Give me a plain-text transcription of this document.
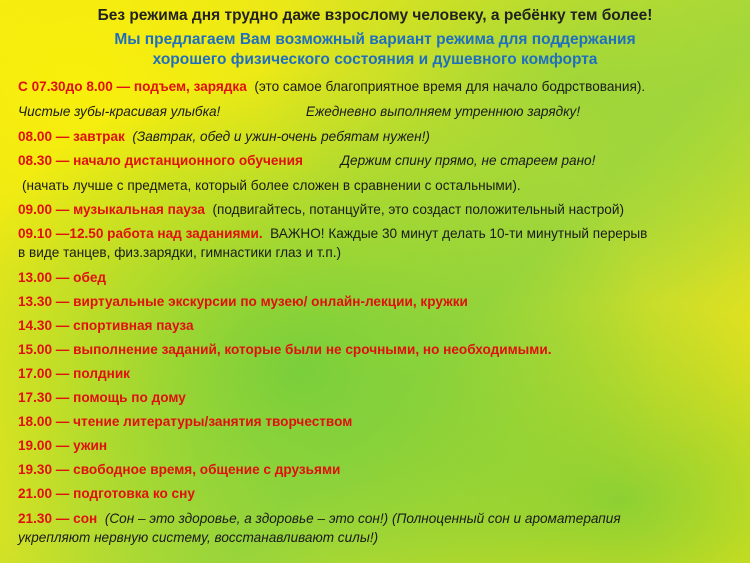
Без режима дня трудно даже взрослому человеку, а ребёнку тем более!

Мы предлагаем Вам возможный вариант режима для поддержания

хорошего физического состояния и душевного комфорта

С 07.30до 8.00 — подъем, зарядка (это самое благоприятное время для начало бодрствования).
Чистые зубы-красивая улыбка!	Ежедневно выполняем утреннюю зарядку!
08.00 — завтрак (Завтрак, обед и ужин-очень ребятам нужен!)
08.30 — начало дистанционного обучения	Держим спину прямо, не стареем рано!
(начать лучше с предмета, который более сложен в сравнении с остальными).
09.00 — музыкальная пауза (подвигайтесь, потанцуйте, это создаст положительный настрой)
09.10 —12.50 работа над заданиями. ВАЖНО! Каждые 30 минут делать 10-ти минутный перерыв
в виде танцев, физ.зарядки, гимнастики глаз и т.п.)
13.00 — обед
13.30 — виртуальные экскурсии по музею/ онлайн-лекции, кружки
14.30 — спортивная пауза
15.00 — выполнение заданий, которые были не срочными, но необходимыми.
17.00 — полдник
17.30 — помощь по дому
18.00 — чтение литературы/занятия творчеством
19.00 — ужин
19.30 — свободное время, общение с друзьями
21.00 — подготовка ко сну
21.30 — сон (Сон – это здоровье, а здоровье – это сон!) (Полноценный сон и ароматерапия
укрепляют нервную систему, восстанавливают силы!)
